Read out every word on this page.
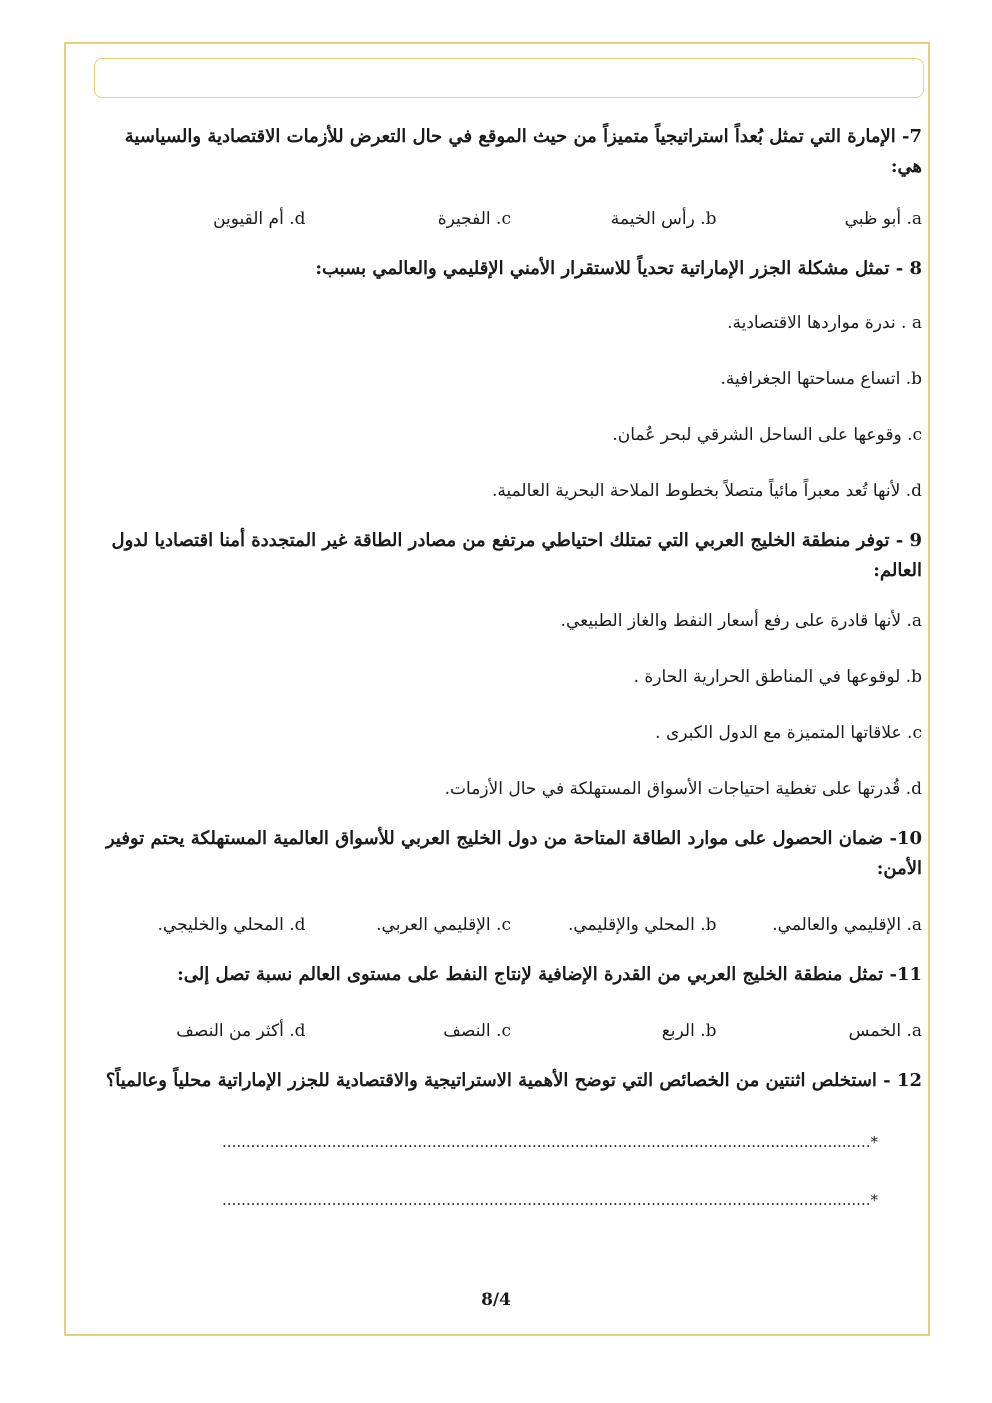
7- الإمارة التي تمثل بُعداً استراتيجياً متميزاً من حيث الموقع في حال التعرض للأزمات الاقتصادية والسياسية هي:
a. أبو ظبي
b. رأس الخيمة
c. الفجيرة
d. أم القيوين
8 - تمثل مشكلة الجزر الإماراتية تحدياً للاستقرار الأمني الإقليمي والعالمي بسبب:
a . ندرة مواردها الاقتصادية.
b. اتساع مساحتها الجغرافية.
c. وقوعها على الساحل الشرقي لبحر عُمان.
d. لأنها تُعد معبراً مائياً متصلاً بخطوط الملاحة البحرية العالمية.
9 - توفر منطقة الخليج العربي التي تمتلك احتياطي مرتفع من مصادر الطاقة غير المتجددة أمنا اقتصاديا لدول العالم:
a. لأنها قادرة على رفع أسعار النفط والغاز الطبيعي.
b. لوقوعها في المناطق الحرارية الحارة .
c. علاقاتها المتميزة مع الدول الكبرى .
d. قُدرتها على تغطية احتياجات الأسواق المستهلكة في حال الأزمات.
10- ضمان الحصول على موارد الطاقة المتاحة من دول الخليج العربي للأسواق العالمية المستهلكة يحتم توفير الأمن:
a. الإقليمي والعالمي.
b. المحلي والإقليمي.
c. الإقليمي العربي.
d. المحلي والخليجي.
11- تمثل منطقة الخليج العربي من القدرة الإضافية لإنتاج النفط على مستوى العالم نسبة تصل إلى:
a. الخمس
b. الربع
c. النصف
d. أكثر من النصف
12 - استخلص اثنتين من الخصائص التي توضح الأهمية الاستراتيجية والاقتصادية للجزر الإماراتية محلياً وعالمياً؟
*........................................................................................................................................
*........................................................................................................................................
8/4
